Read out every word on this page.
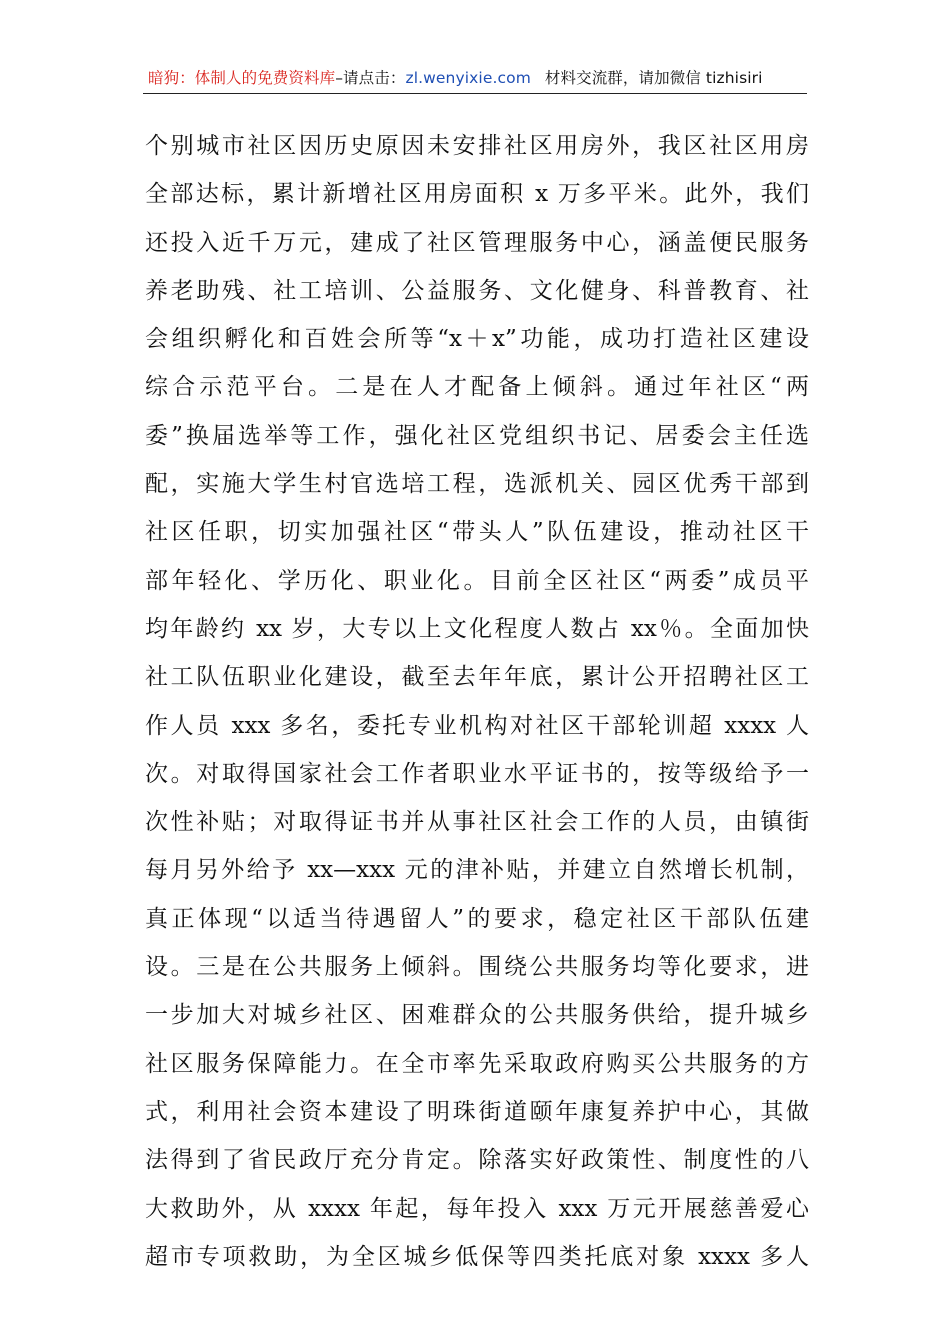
暗狗：体制人的免费资料库–请点击：zl.wenyixie.com 材料交流群，请加微信 tizhisiri
个别城市社区因历史原因未安排社区用房外，我区社区用房
全部达标，累计新增社区用房面积 x 万多平米。此外，我们
还投入近千万元，建成了社区管理服务中心，涵盖便民服务
养老助残、社工培训、公益服务、文化健身、科普教育、社
会组织孵化和百姓会所等“x＋x”功能，成功打造社区建设
综合示范平台。二是在人才配备上倾斜。通过年社区“两
委”换届选举等工作，强化社区党组织书记、居委会主任选
配，实施大学生村官选培工程，选派机关、园区优秀干部到
社区任职，切实加强社区“带头人”队伍建设，推动社区干
部年轻化、学历化、职业化。目前全区社区“两委”成员平
均年龄约 xx 岁，大专以上文化程度人数占 xx％。全面加快
社工队伍职业化建设，截至去年年底，累计公开招聘社区工
作人员 xxx 多名，委托专业机构对社区干部轮训超 xxxx 人
次。对取得国家社会工作者职业水平证书的，按等级给予一
次性补贴；对取得证书并从事社区社会工作的人员，由镇街
每月另外给予 xx—xxx 元的津补贴，并建立自然增长机制，
真正体现“以适当待遇留人”的要求，稳定社区干部队伍建
设。三是在公共服务上倾斜。围绕公共服务均等化要求，进
一步加大对城乡社区、困难群众的公共服务供给，提升城乡
社区服务保障能力。在全市率先采取政府购买公共服务的方
式，利用社会资本建设了明珠街道颐年康复养护中心，其做
法得到了省民政厅充分肯定。除落实好政策性、制度性的八
大救助外，从 xxxx 年起，每年投入 xxx 万元开展慈善爱心
超市专项救助，为全区城乡低保等四类托底对象 xxxx 多人
